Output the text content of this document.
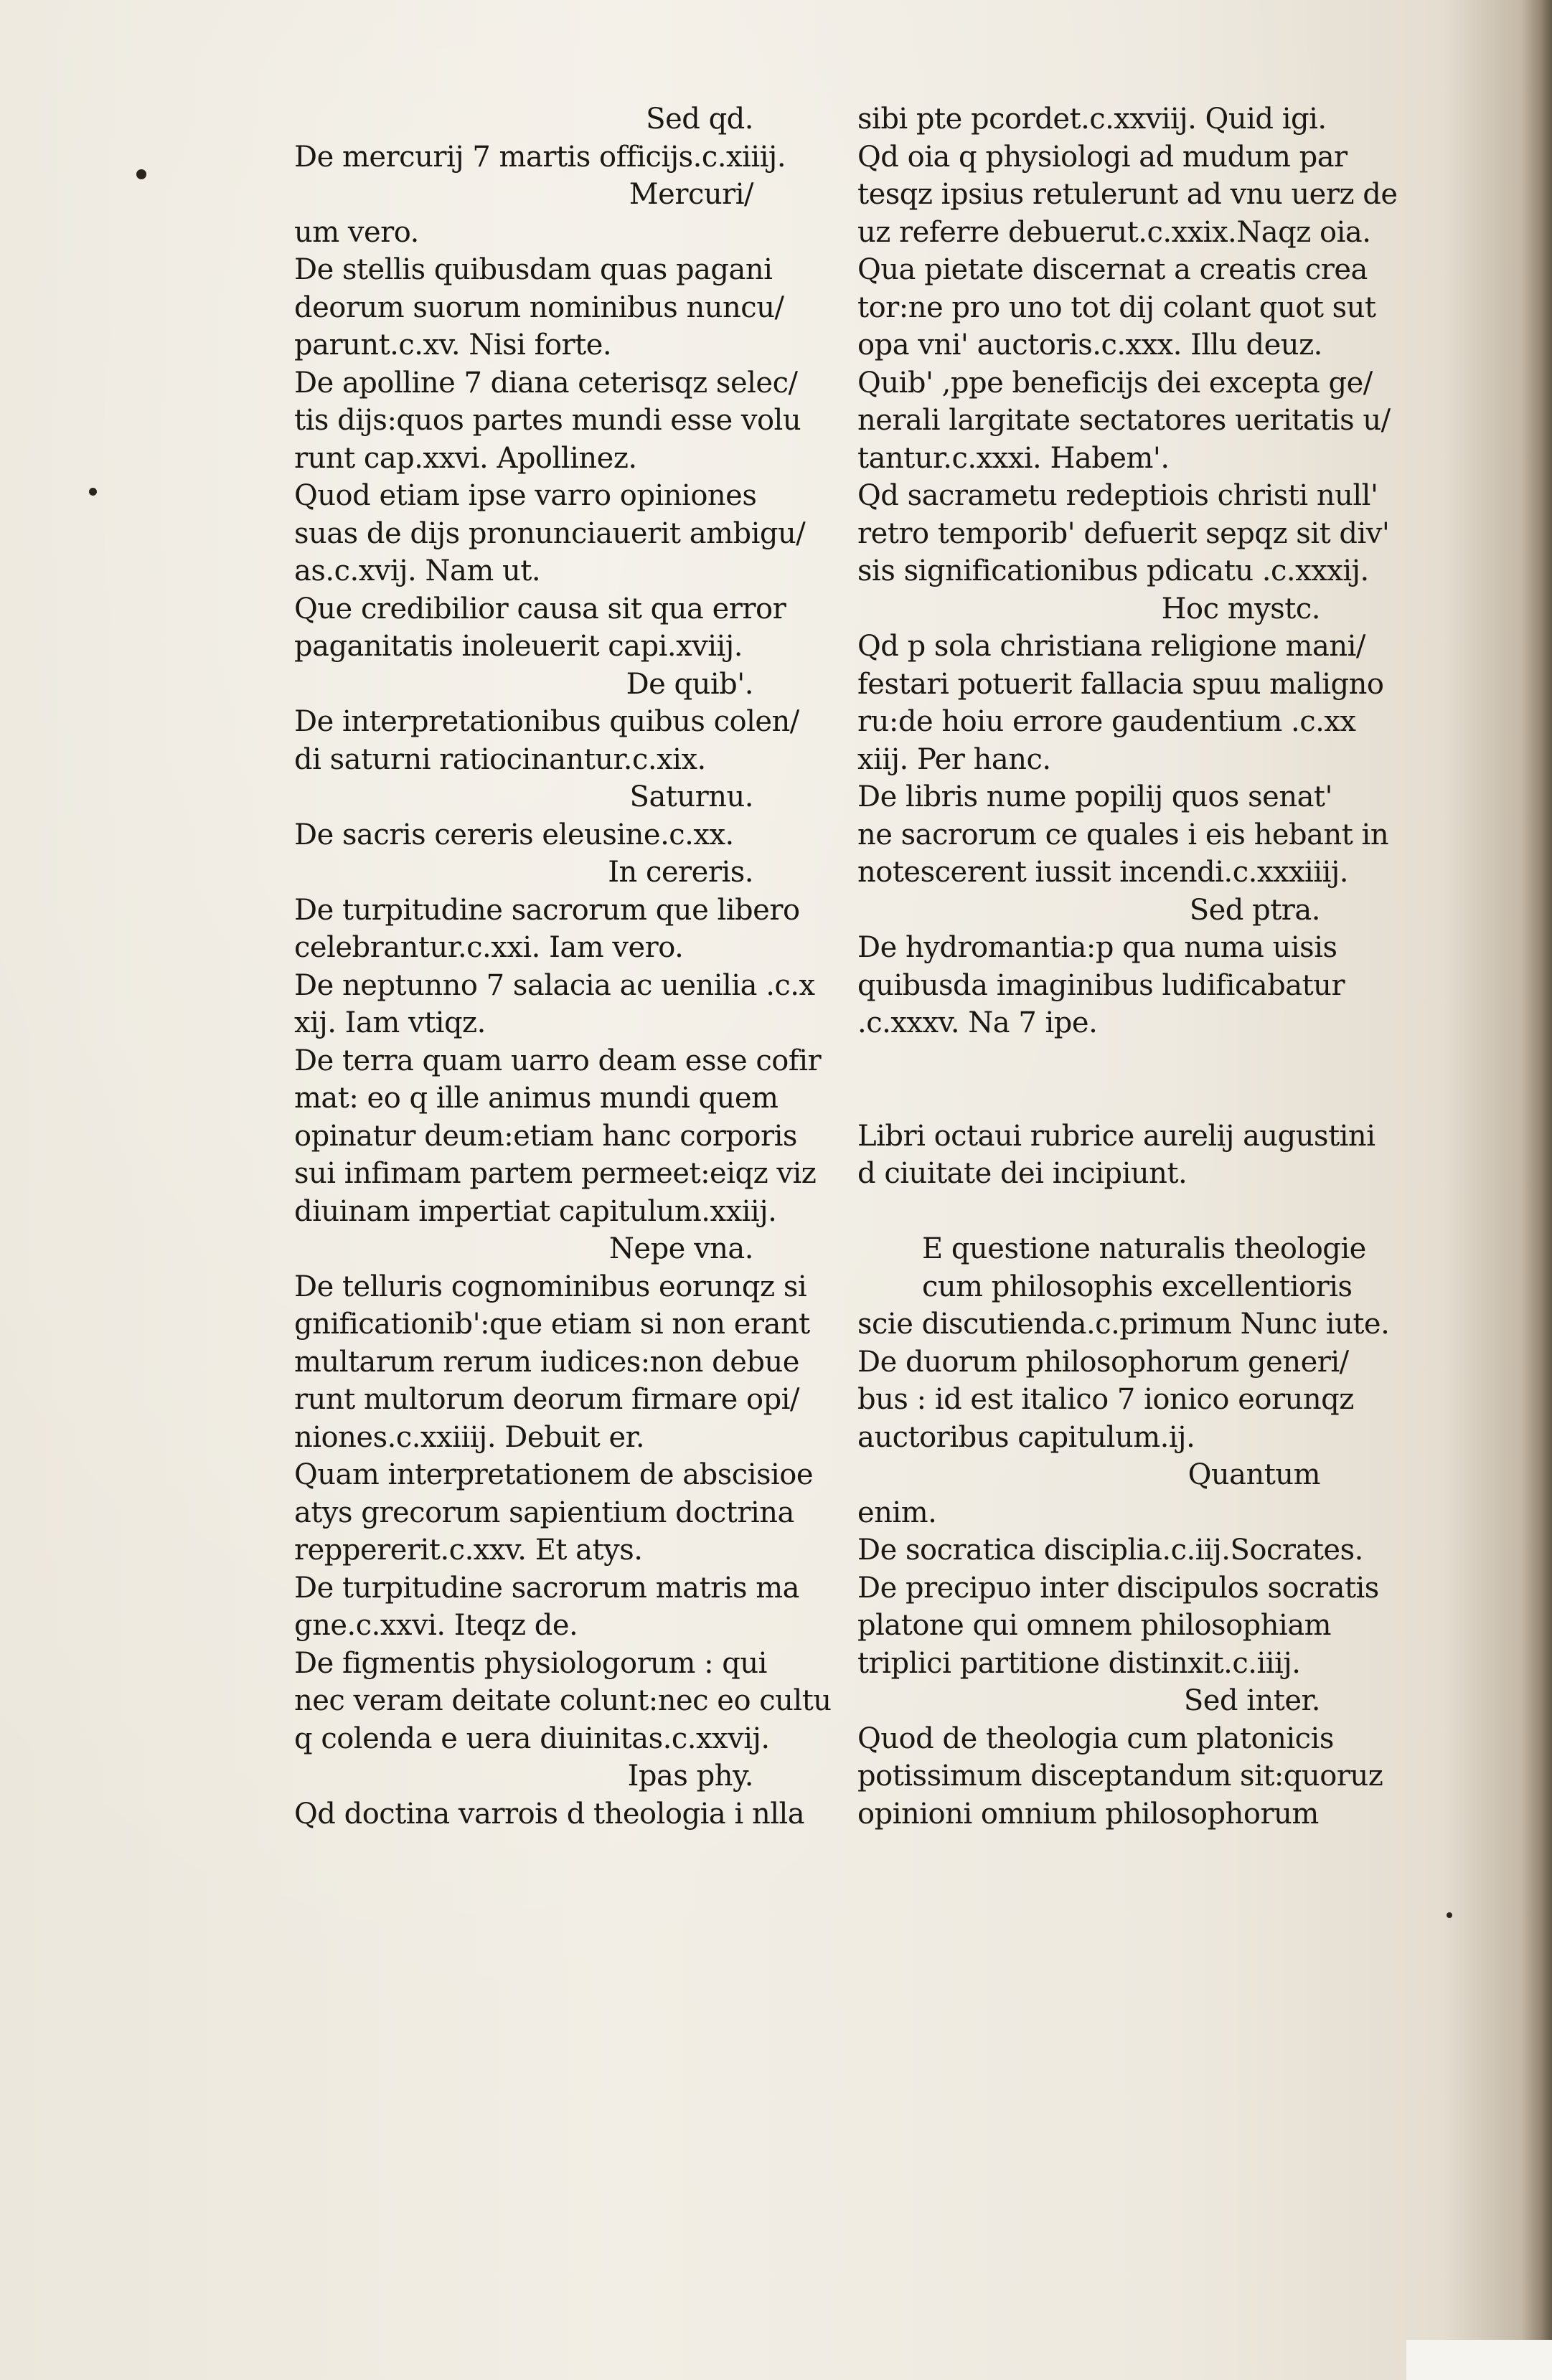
Sed qd.
De mercurij 7 martis officijs.c.xiiij.
Mercuri/
um vero.
De stellis quibusdam quas pagani
deorum suorum nominibus nuncu/
parunt.c.xv. Nisi forte.
De apolline 7 diana ceterisqz selec/
tis dijs:quos partes mundi esse volu
runt cap.xxvi. Apollinez.
Quod etiam ipse varro opiniones
suas de dijs pronunciauerit ambigu/
as.c.xvij. Nam ut.
Que credibilior causa sit qua error
paganitatis inoleuerit capi.xviij.
De quib'.
De interpretationibus quibus colen/
di saturni ratiocinantur.c.xix.
Saturnu.
De sacris cereris eleusine.c.xx.
In cereris.
De turpitudine sacrorum que libero
celebrantur.c.xxi. Iam vero.
De neptunno 7 salacia ac uenilia .c.x
xij. Iam vtiqz.
De terra quam uarro deam esse cofir
mat: eo q ille animus mundi quem
opinatur deum:etiam hanc corporis
sui infimam partem permeet:eiqz viz
diuinam impertiat capitulum.xxiij.
Nepe vna.
De telluris cognominibus eorunqz si
gnificationib':que etiam si non erant
multarum rerum iudices:non debue
runt multorum deorum firmare opi/
niones.c.xxiiij. Debuit er.
Quam interpretationem de abscisioe
atys grecorum sapientium doctrina
reppererit.c.xxv. Et atys.
De turpitudine sacrorum matris ma
gne.c.xxvi. Iteqz de.
De figmentis physiologorum : qui
nec veram deitate colunt:nec eo cultu
q colenda e uera diuinitas.c.xxvij.
Ipas phy.
Qd doctina varrois d theologia i nlla
sibi pte pcordet.c.xxviij. Quid igi.
Qd oia q physiologi ad mudum par
tesqz ipsius retulerunt ad vnu uerz de
uz referre debuerut.c.xxix.Naqz oia.
Qua pietate discernat a creatis crea
tor:ne pro uno tot dij colant quot sut
opa vni' auctoris.c.xxx. Illu deuz.
Quib' ,ppe beneficijs dei excepta ge/
nerali largitate sectatores ueritatis u/
tantur.c.xxxi. Habem'.
Qd sacrametu redeptiois christi null'
retro temporib' defuerit sepqz sit div'
sis significationibus pdicatu .c.xxxij.
Hoc mystc.
Qd p sola christiana religione mani/
festari potuerit fallacia spuu maligno
ru:de hoiu errore gaudentium .c.xx
xiij. Per hanc.
De libris nume popilij quos senat'
ne sacrorum ce quales i eis hebant in
notescerent iussit incendi.c.xxxiiij.
Sed ptra.
De hydromantia:p qua numa uisis
quibusda imaginibus ludificabatur
.c.xxxv. Na 7 ipe.
Libri octaui rubrice aurelij augustini
d ciuitate dei incipiunt.
E questione naturalis theologie
cum philosophis excellentioris
scie discutienda.c.primum Nunc iute.
De duorum philosophorum generi/
bus : id est italico 7 ionico eorunqz
auctoribus capitulum.ij.
Quantum
enim.
De socratica disciplia.c.iij.Socrates.
De precipuo inter discipulos socratis
platone qui omnem philosophiam
triplici partitione distinxit.c.iiij.
Sed inter.
Quod de theologia cum platonicis
potissimum disceptandum sit:quoruz
opinioni omnium philosophorum
